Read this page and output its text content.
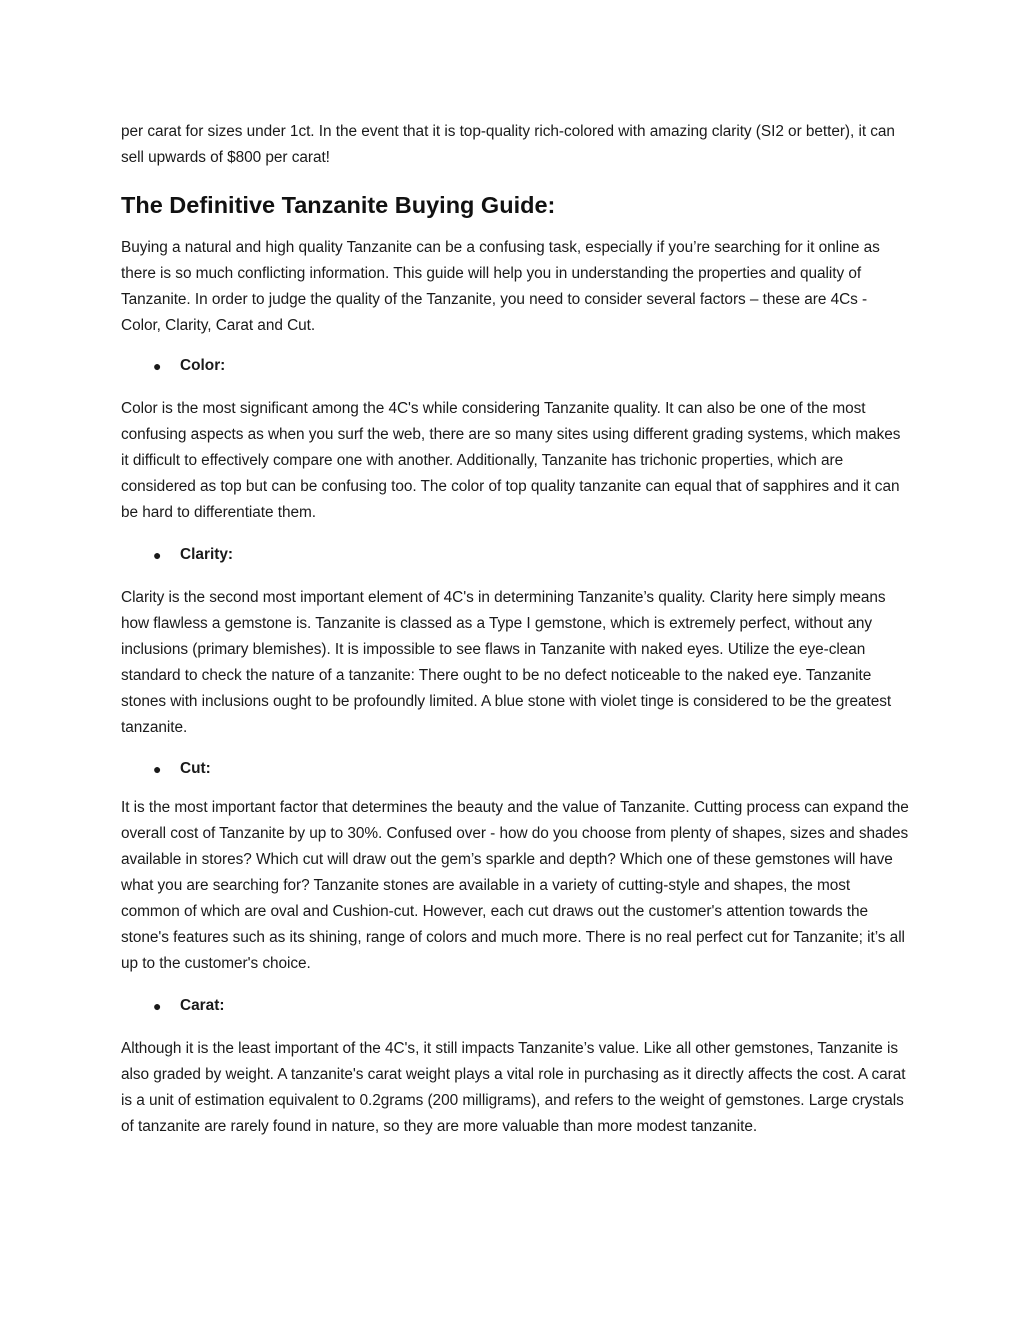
per carat for sizes under 1ct. In the event that it is top-quality rich-colored with amazing clarity (SI2 or better), it can sell upwards of $800 per carat!

The Definitive Tanzanite Buying Guide:

Buying a natural and high quality Tanzanite can be a confusing task, especially if you’re searching for it online as there is so much conflicting information. This guide will help you in understanding the properties and quality of Tanzanite. In order to judge the quality of the Tanzanite, you need to consider several factors – these are 4Cs - Color, Clarity, Carat and Cut.

●	Color:

Color is the most significant among the 4C's while considering Tanzanite quality. It can also be one of the most confusing aspects as when you surf the web, there are so many sites using different grading systems, which makes it difficult to effectively compare one with another. Additionally, Tanzanite has trichonic properties, which are considered as top but can be confusing too. The color of top quality tanzanite can equal that of sapphires and it can be hard to differentiate them.

●	Clarity:

Clarity is the second most important element of 4C's in determining Tanzanite’s quality. Clarity here simply means how flawless a gemstone is. Tanzanite is classed as a Type I gemstone, which is extremely perfect, without any inclusions (primary blemishes). It is impossible to see flaws in Tanzanite with naked eyes. Utilize the eye-clean standard to check the nature of a tanzanite: There ought to be no defect noticeable to the naked eye. Tanzanite stones with inclusions ought to be profoundly limited. A blue stone with violet tinge is considered to be the greatest tanzanite.

●	Cut:

It is the most important factor that determines the beauty and the value of Tanzanite. Cutting process can expand the overall cost of Tanzanite by up to 30%. Confused over - how do you choose from plenty of shapes, sizes and shades available in stores? Which cut will draw out the gem’s sparkle and depth? Which one of these gemstones will have what you are searching for? Tanzanite stones are available in a variety of cutting-style and shapes, the most common of which are oval and Cushion-cut. However, each cut draws out the customer's attention towards the stone's features such as its shining, range of colors and much more. There is no real perfect cut for Tanzanite; it’s all up to the customer's choice.

●	Carat:

Although it is the least important of the 4C's, it still impacts Tanzanite’s value. Like all other gemstones, Tanzanite is also graded by weight. A tanzanite's carat weight plays a vital role in purchasing as it directly affects the cost. A carat is a unit of estimation equivalent to 0.2grams (200 milligrams), and refers to the weight of gemstones. Large crystals of tanzanite are rarely found in nature, so they are more valuable than more modest tanzanite.
